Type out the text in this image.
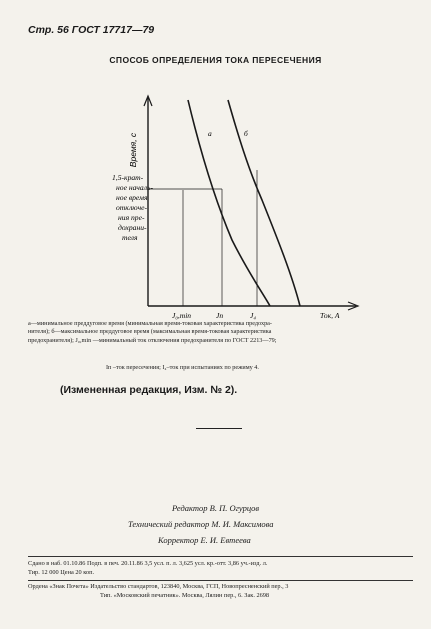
Стр. 56 ГОСТ 17717—79
СПОСОБ ОПРЕДЕЛЕНИЯ ТОКА ПЕРЕСЕЧЕНИЯ
Время, с	а	б
1,5-крат-
ное началь-
ное время
отключе-
ния пре-
дохрани-
теля
J₀,min	Jп	J₄	Ток, А

а—минимальное преддуговое время (минимальная время-токовая характеристика предохра-

нителя); б—максимальное преддуговое время (максимальная время-токовая характеристика

предохранителя); J₀,min —минимальный ток отключения предохранителя по ГОСТ 2213—79;

Iп –ток пересечения; I₄–ток при испытаниях по режиму 4.
(Измененная редакция, Изм. № 2).
Редактор В. П. Огурцов
Технический редактор М. И. Максимова
Корректор Е. И. Евтеева
Сдано в наб. 01.10.86 Подп. в печ. 20.11.86 3,5 усл. п. л. 3,625 усл. кр.-отт. 3,86 уч.-изд. л.
Тир. 12 000 Цена 20 коп.
Ордена «Знак Почета» Издательство стандартов, 123840, Москва, ГСП, Новопресненский пер., 3
Тип. «Московский печатник». Москва, Лялин пер., 6. Зак. 2698
